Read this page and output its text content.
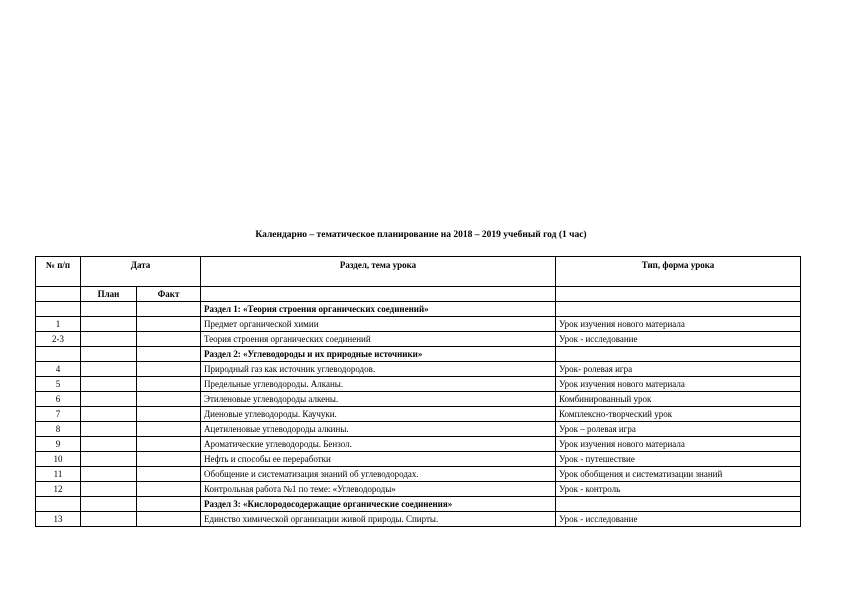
Календарно – тематическое планирование на 2018 – 2019 учебный год (1 час)
№ п/п	Дата		Раздел, тема урока	Тип, форма урока
	План	Факт		
			Раздел 1: «Теория строения органических соединений»	
1			Предмет органической химии	Урок изучения нового материала
2-3			Теория строения органических соединений	Урок - исследование
			Раздел 2: «Углеводороды и их природные источники»	
4			Природный газ как источник углеводородов.	Урок- ролевая игра
5			Предельные углеводороды. Алканы.	Урок изучения нового материала
6			Этиленовые углеводороды алкены.	Комбинированный урок
7			Диеновые углеводороды. Каучуки.	Комплексно-творческий урок
8			Ацетиленовые углеводороды алкины.	Урок – ролевая игра
9			Ароматические углеводороды. Бензол.	Урок изучения нового материала
10			Нефть и способы ее переработки	Урок - путешествие
11			Обобщение и систематизация знаний об углеводородах.	Урок обобщения и систематизации знаний
12			Контрольная работа №1 по теме: «Углеводороды»	Урок - контроль
			Раздел 3: «Кислородосодержащие органические соединения»	
13			Единство химической организации живой природы. Спирты.	Урок - исследование
